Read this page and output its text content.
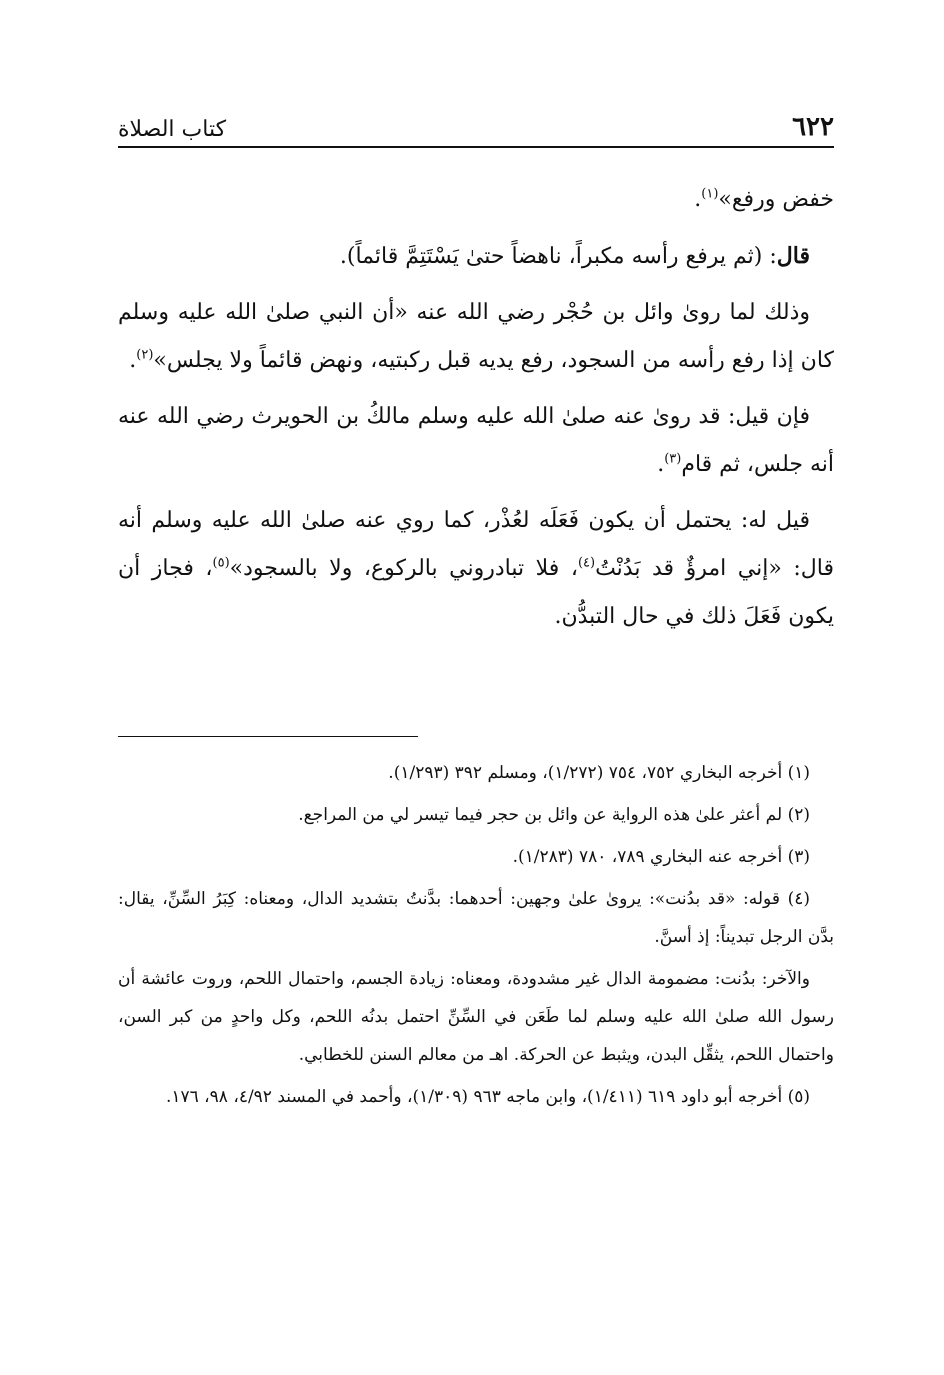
٦٢٢
كتاب الصلاة

خفض ورفع»$^{(١)}$.

قال: (ثم يرفع رأسه مكبراً، ناهضاً حتىٰ يَسْتَتِمَّ قائماً).

وذلك لما رویٰ وائل بن حُجْر رضي الله عنه «أن النبي صلىٰ الله عليه وسلم كان إذا رفع رأسه من السجود، رفع يديه قبل ركبتيه، ونهض قائماً ولا يجلس»$^{(٢)}$.

فإن قيل: قد رویٰ عنه صلىٰ الله عليه وسلم مالكُ بن الحويرث رضي الله عنه أنه جلس، ثم قام$^{(٣)}$.

قيل له: يحتمل أن يكون فَعَلَه لعُذْر، كما روي عنه صلىٰ الله عليه وسلم أنه قال: «إني امرؤٌ قد بَدُنْتُ$^{(٤)}$، فلا تبادروني بالركوع، ولا بالسجود»$^{(٥)}$، فجاز أن يكون فَعَلَ ذلك في حال التبدُّن.

(١) أخرجه البخاري ٧٥٢، ٧٥٤ (١/٢٧٢)، ومسلم ٣٩٢ (١/٢٩٣).

(٢) لم أعثر علىٰ هذه الرواية عن وائل بن حجر فيما تيسر لي من المراجع.

(٣) أخرجه عنه البخاري ٧٨٩، ٧٨٠ (١/٢٨٣).

(٤) قوله: «قد بدُنت»: يروىٰ علىٰ وجهين: أحدهما: بدَّنتُ بتشديد الدال، ومعناه: كِبَرُ السِّنِّ، يقال: بدَّن الرجل تبديناً: إذ أسنَّ.

والآخر: بدُنت: مضمومة الدال غير مشدودة، ومعناه: زيادة الجسم، واحتمال اللحم، وروت عائشة أن رسول الله صلىٰ الله عليه وسلم لما طَعَن في السِّنِّ احتمل بدنُه اللحم، وكل واحدٍ من كبر السن، واحتمال اللحم، يثقِّل البدن، ويثبط عن الحركة. اهـ من معالم السنن للخطابي.

(٥) أخرجه أبو داود ٦١٩ (١/٤١١)، وابن ماجه ٩٦٣ (١/٣٠٩)، وأحمد في المسند ٤/٩٢، ٩٨، ١٧٦.
